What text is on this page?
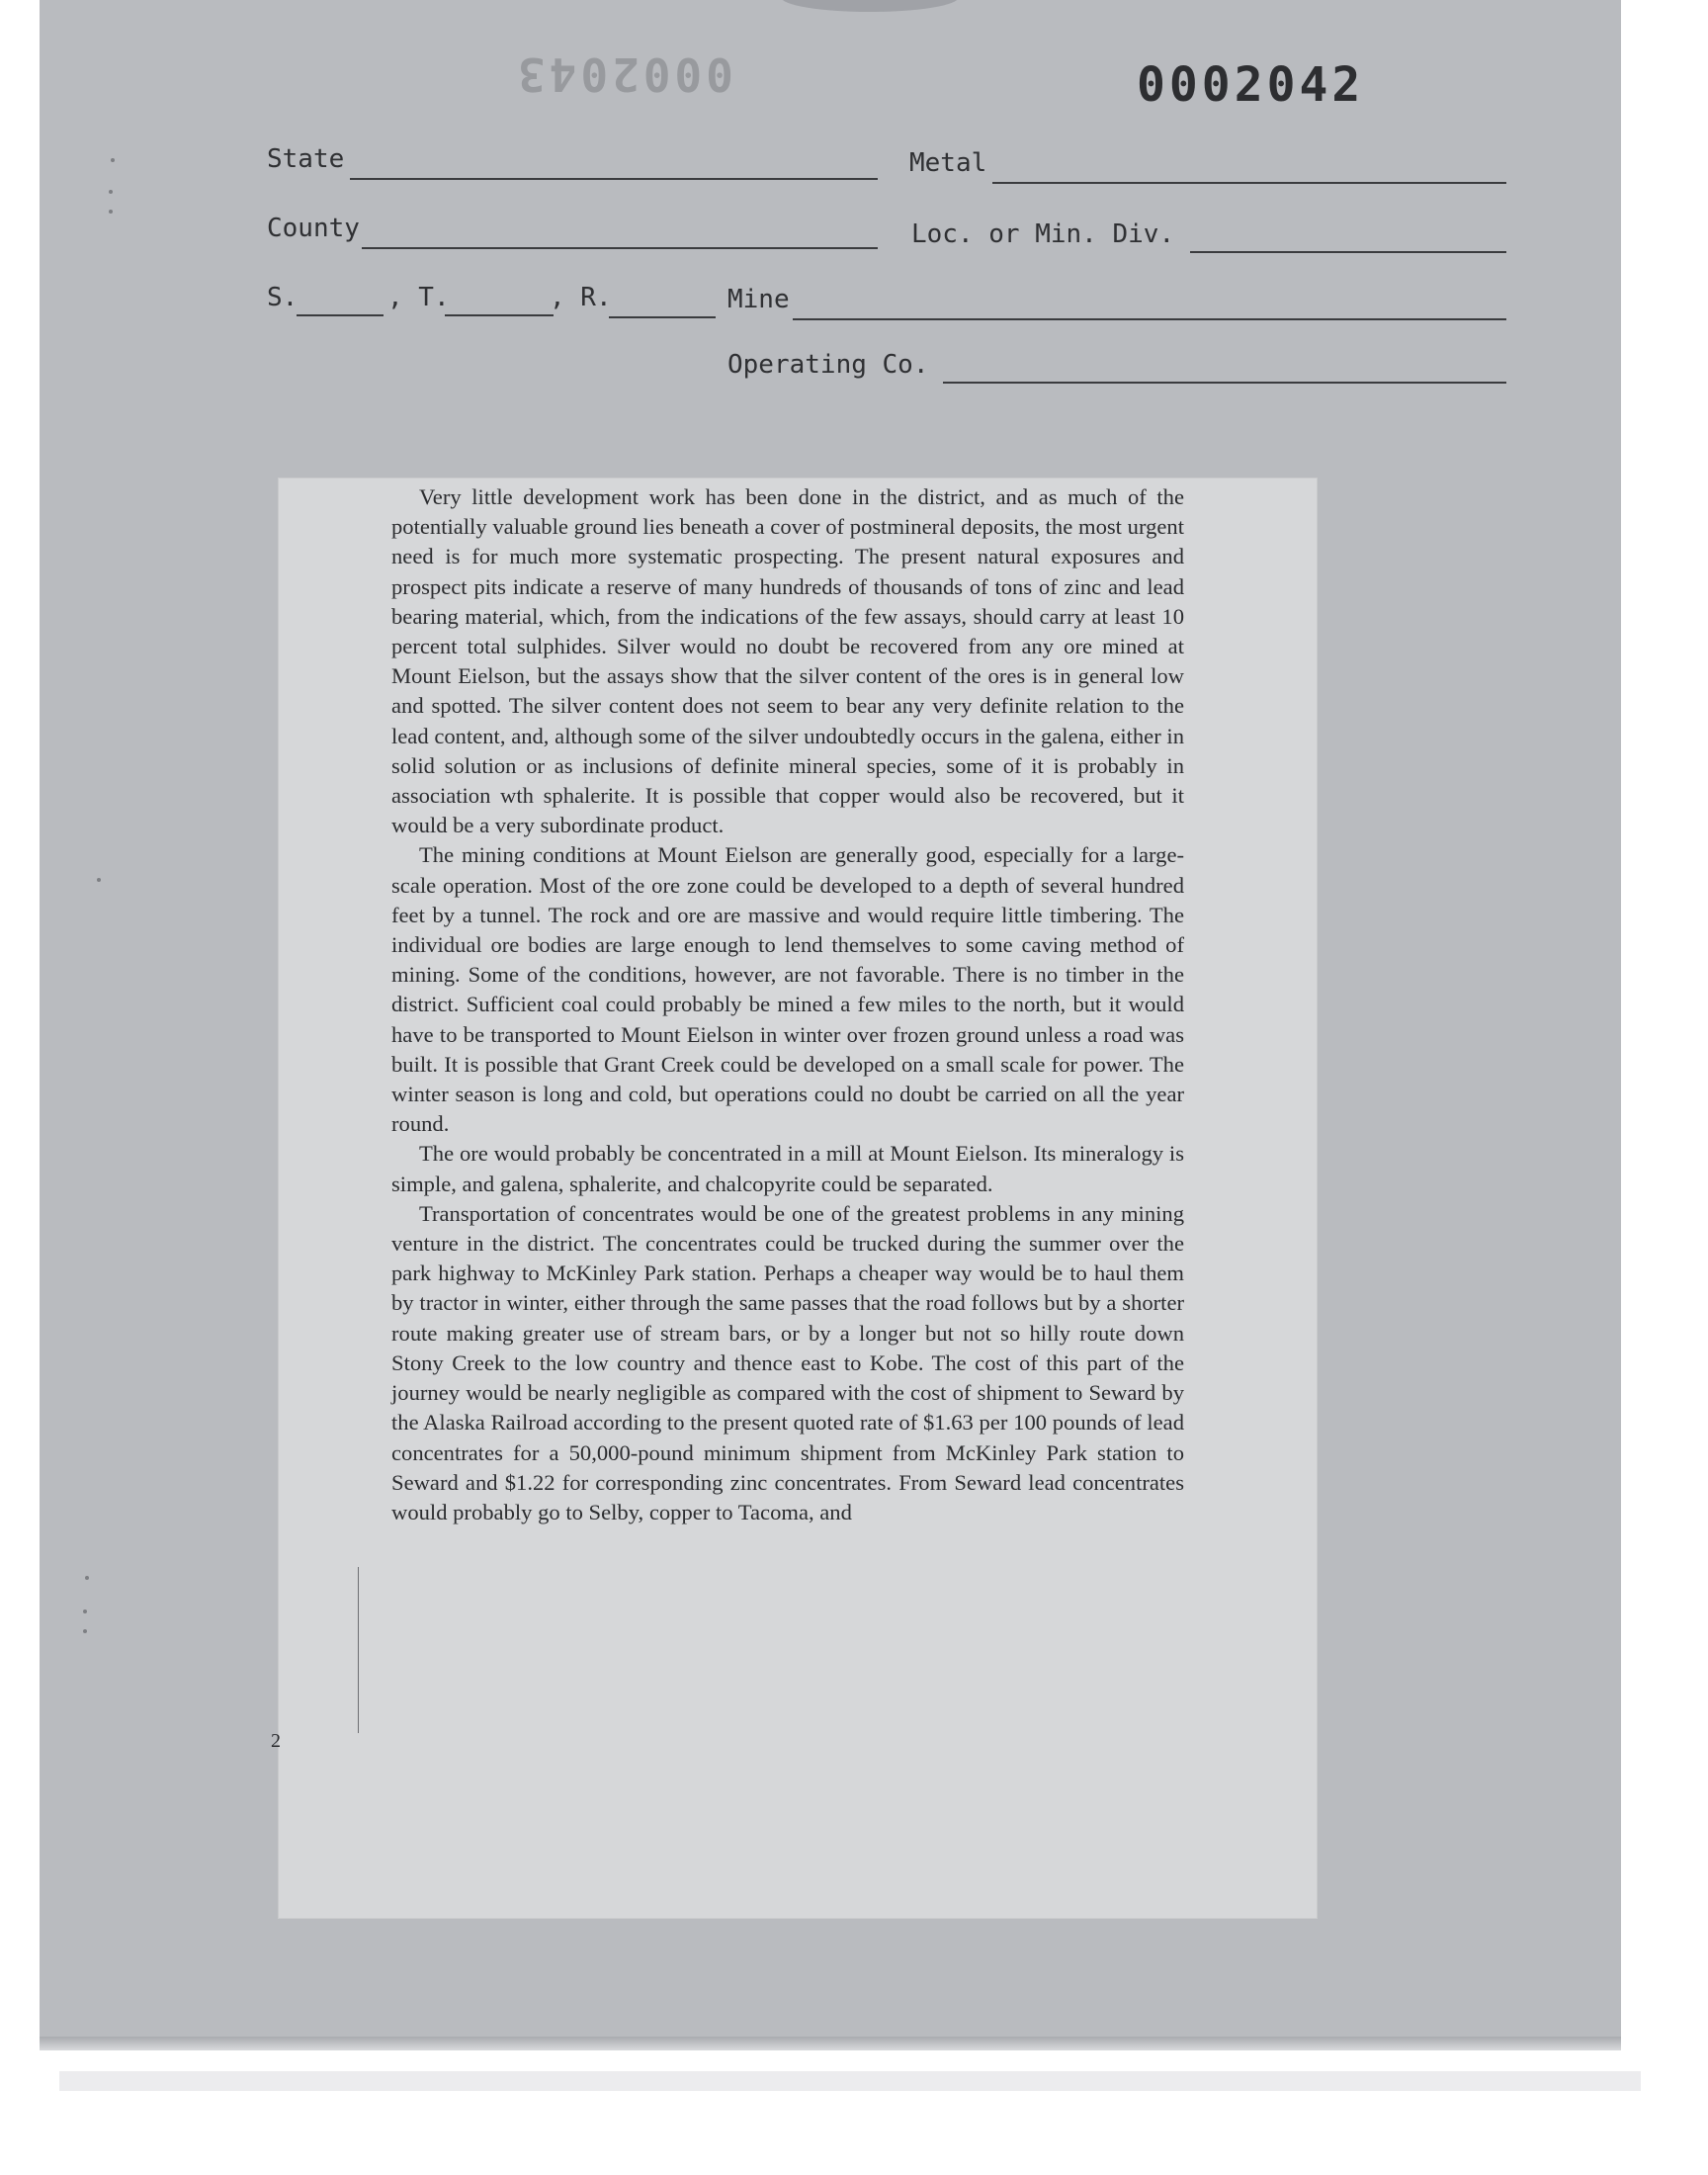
0002043	0002042
State	Metal
County	Loc. or Min. Div.
S.	, T.	, R.	Mine
Operating Co.

Very little development work has been done in the district, and as much of the potentially valuable ground lies beneath a cover of postmineral deposits, the most urgent need is for much more systematic prospecting. The present natural exposures and prospect pits indicate a reserve of many hundreds of thousands of tons of zinc and lead bearing material, which, from the indications of the few assays, should carry at least 10 percent total sulphides. Silver would no doubt be recovered from any ore mined at Mount Eielson, but the assays show that the silver content of the ores is in general low and spotted. The silver content does not seem to bear any very definite relation to the lead content, and, although some of the silver undoubtedly occurs in the galena, either in solid solution or as inclusions of definite mineral species, some of it is probably in association wth sphalerite. It is possible that copper would also be recovered, but it would be a very subordinate product.

The mining conditions at Mount Eielson are generally good, especially for a large-scale operation. Most of the ore zone could be developed to a depth of several hundred feet by a tunnel. The rock and ore are massive and would require little timbering. The individual ore bodies are large enough to lend themselves to some caving method of mining. Some of the conditions, however, are not favorable. There is no timber in the district. Sufficient coal could probably be mined a few miles to the north, but it would have to be transported to Mount Eielson in winter over frozen ground unless a road was built. It is possible that Grant Creek could be developed on a small scale for power. The winter season is long and cold, but operations could no doubt be carried on all the year round.

The ore would probably be concentrated in a mill at Mount Eielson. Its mineralogy is simple, and galena, sphalerite, and chalcopyrite could be separated.

Transportation of concentrates would be one of the greatest problems in any mining venture in the district. The concentrates could be trucked during the summer over the park highway to McKinley Park station. Perhaps a cheaper way would be to haul them by tractor in winter, either through the same passes that the road follows but by a shorter route making greater use of stream bars, or by a longer but not so hilly route down Stony Creek to the low country and thence east to Kobe. The cost of this part of the journey would be nearly negligible as compared with the cost of shipment to Seward by the Alaska Railroad according to the present quoted rate of $1.63 per 100 pounds of lead concentrates for a 50,000-pound minimum shipment from McKinley Park station to Seward and $1.22 for corresponding zinc concentrates. From Seward lead concentrates would probably go to Selby, copper to Tacoma, and

2
